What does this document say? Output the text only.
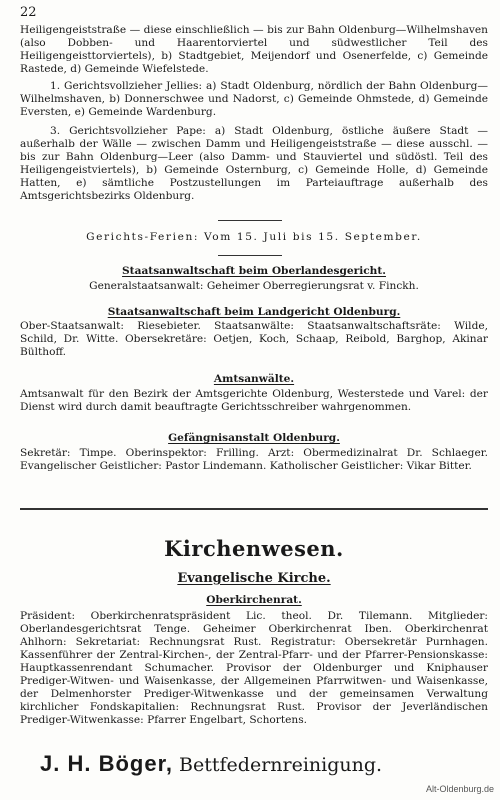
22

Heiligengeiststraße — diese einschließlich — bis zur Bahn Oldenburg—Wilhelmshaven (also Dobben- und Haarentorviertel und südwestlicher Teil des Heiligengeisttorviertels), b) Stadtgebiet, Meijendorf und Osenerfelde, c) Gemeinde Rastede, d) Gemeinde Wiefelstede.

1. Gerichtsvollzieher Jellies: a) Stadt Oldenburg, nördlich der Bahn Oldenburg—Wilhelmshaven, b) Donnerschwee und Nadorst, c) Gemeinde Ohmstede, d) Gemeinde Eversten, e) Gemeinde Wardenburg.

3. Gerichtsvollzieher Pape: a) Stadt Oldenburg, östliche äußere Stadt — außerhalb der Wälle — zwischen Damm und Heiligengeiststraße — diese ausschl. — bis zur Bahn Oldenburg—Leer (also Damm- und Stauviertel und südöstl. Teil des Heiligengeistviertels), b) Gemeinde Osternburg, c) Gemeinde Holle, d) Gemeinde Hatten, e) sämtliche Postzustellungen im Parteiauftrage außerhalb des Amtsgerichtsbezirks Oldenburg.

Gerichts-Ferien: Vom 15. Juli bis 15. September.
Staatsanwaltschaft beim Oberlandesgericht.
Generalstaatsanwalt: Geheimer Oberregierungsrat v. Finckh.
Staatsanwaltschaft beim Landgericht Oldenburg.

Ober-Staatsanwalt: Riesebieter. Staatsanwälte: Staatsanwaltschaftsräte: Wilde, Schild, Dr. Witte. Obersekretäre: Oetjen, Koch, Schaap, Reibold, Barghop, Akinar Bülthoff.

Amtsanwälte.

Amtsanwalt für den Bezirk der Amtsgerichte Oldenburg, Westerstede und Varel: der Dienst wird durch damit beauftragte Gerichtsschreiber wahrgenommen.

Gefängnisanstalt Oldenburg.

Sekretär: Timpe. Oberinspektor: Frilling. Arzt: Obermedizinalrat Dr. Schlaeger. Evangelischer Geistlicher: Pastor Lindemann. Katholischer Geistlicher: Vikar Bitter.

Kirchenwesen.
Evangelische Kirche.
Oberkirchenrat.

Präsident: Oberkirchenratspräsident Lic. theol. Dr. Tilemann. Mitglieder: Oberlandesgerichtsrat Tenge. Geheimer Oberkirchenrat Iben. Oberkirchenrat Ahlhorn: Sekretariat: Rechnungsrat Rust. Registratur: Obersekretär Purnhagen. Kassenführer der Zentral-Kirchen-, der Zentral-Pfarr- und der Pfarrer-Pensionskasse: Hauptkassenrendant Schumacher. Provisor der Oldenburger und Kniphauser Prediger-Witwen- und Waisenkasse, der Allgemeinen Pfarrwitwen- und Waisenkasse, der Delmenhorster Prediger-Witwenkasse und der gemeinsamen Verwaltung kirchlicher Fondskapitalien: Rechnungsrat Rust. Provisor der Jeverländischen Prediger-Witwenkasse: Pfarrer Engelbart, Schortens.

J. H. Böger, Bettfedernreinigung.
Alt-Oldenburg.de
